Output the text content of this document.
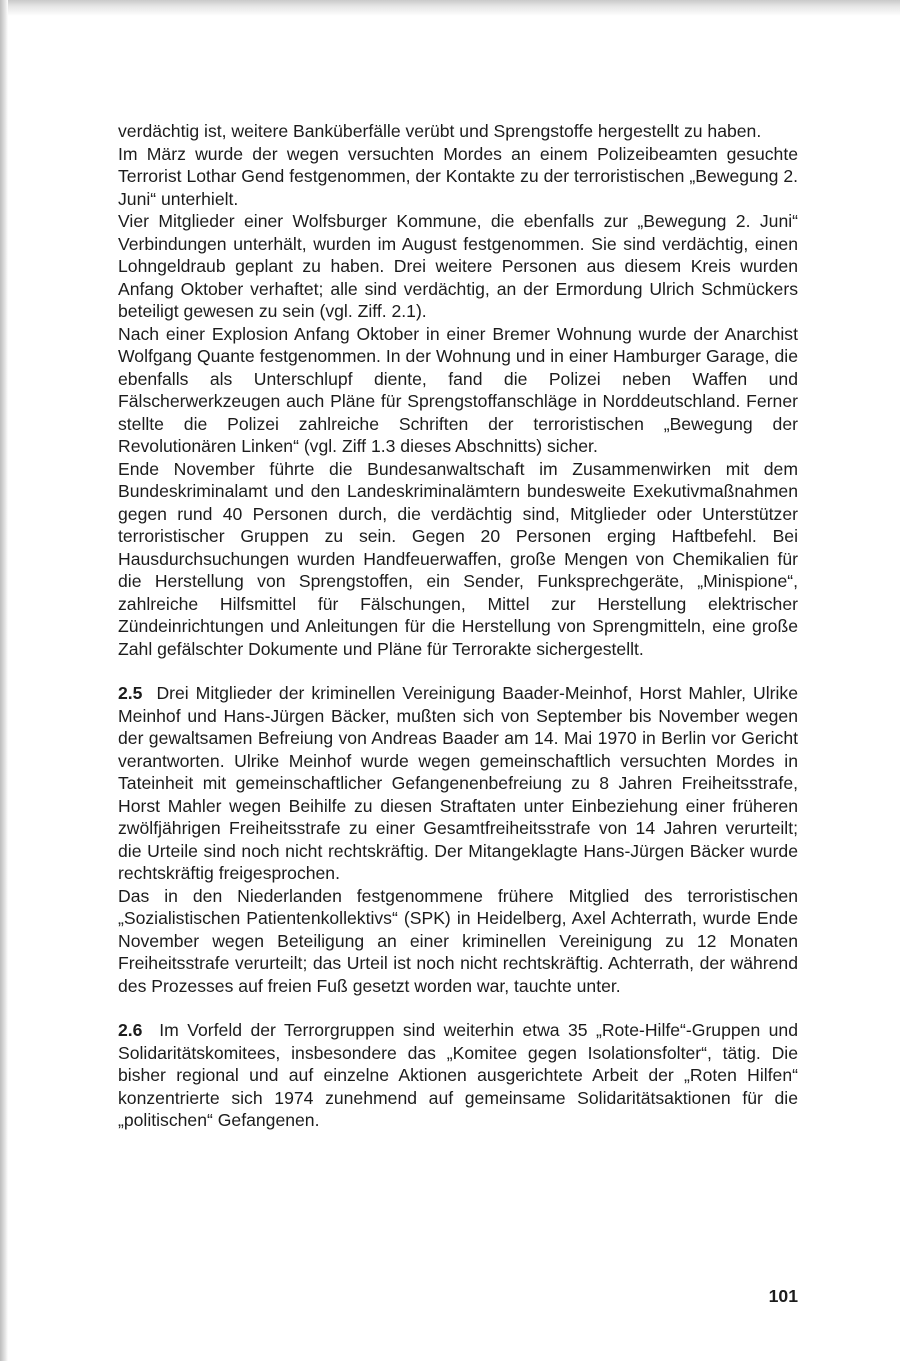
verdächtig ist, weitere Banküberfälle verübt und Sprengstoffe hergestellt zu haben.

Im März wurde der wegen versuchten Mordes an einem Polizeibeamten gesuchte Terrorist Lothar Gend festgenommen, der Kontakte zu der terroristischen „Bewegung 2. Juni“ unterhielt.

Vier Mitglieder einer Wolfsburger Kommune, die ebenfalls zur „Bewegung 2. Juni“ Verbindungen unterhält, wurden im August festgenommen. Sie sind verdächtig, einen Lohngeldraub geplant zu haben. Drei weitere Personen aus diesem Kreis wurden Anfang Oktober verhaftet; alle sind verdächtig, an der Ermordung Ulrich Schmückers beteiligt gewesen zu sein (vgl. Ziff. 2.1).

Nach einer Explosion Anfang Oktober in einer Bremer Wohnung wurde der Anarchist Wolfgang Quante festgenommen. In der Wohnung und in einer Hamburger Garage, die ebenfalls als Unterschlupf diente, fand die Polizei neben Waffen und Fälscherwerkzeugen auch Pläne für Sprengstoffanschläge in Norddeutschland. Ferner stellte die Polizei zahlreiche Schriften der terroristischen „Bewegung der Revolutionären Linken“ (vgl. Ziff 1.3 dieses Abschnitts) sicher.

Ende November führte die Bundesanwaltschaft im Zusammenwirken mit dem Bundeskriminalamt und den Landeskriminalämtern bundesweite Exekutivmaßnahmen gegen rund 40 Personen durch, die verdächtig sind, Mitglieder oder Unterstützer terroristischer Gruppen zu sein. Gegen 20 Personen erging Haftbefehl. Bei Hausdurchsuchungen wurden Handfeuerwaffen, große Mengen von Chemikalien für die Herstellung von Sprengstoffen, ein Sender, Funksprechgeräte, „Minispione“, zahlreiche Hilfsmittel für Fälschungen, Mittel zur Herstellung elektrischer Zündeinrichtungen und Anleitungen für die Herstellung von Sprengmitteln, eine große Zahl gefälschter Dokumente und Pläne für Terrorakte sichergestellt.

2.5 Drei Mitglieder der kriminellen Vereinigung Baader-Meinhof, Horst Mahler, Ulrike Meinhof und Hans-Jürgen Bäcker, mußten sich von September bis November wegen der gewaltsamen Befreiung von Andreas Baader am 14. Mai 1970 in Berlin vor Gericht verantworten. Ulrike Meinhof wurde wegen gemeinschaftlich versuchten Mordes in Tateinheit mit gemeinschaftlicher Gefangenenbefreiung zu 8 Jahren Freiheitsstrafe, Horst Mahler wegen Beihilfe zu diesen Straftaten unter Einbeziehung einer früheren zwölfjährigen Freiheitsstrafe zu einer Gesamtfreiheitsstrafe von 14 Jahren verurteilt; die Urteile sind noch nicht rechtskräftig. Der Mitangeklagte Hans-Jürgen Bäcker wurde rechtskräftig freigesprochen.

Das in den Niederlanden festgenommene frühere Mitglied des terroristischen „Sozialistischen Patientenkollektivs“ (SPK) in Heidelberg, Axel Achterrath, wurde Ende November wegen Beteiligung an einer kriminellen Vereinigung zu 12 Monaten Freiheitsstrafe verurteilt; das Urteil ist noch nicht rechtskräftig. Achterrath, der während des Prozesses auf freien Fuß gesetzt worden war, tauchte unter.

2.6 Im Vorfeld der Terrorgruppen sind weiterhin etwa 35 „Rote-Hilfe“-Gruppen und Solidaritätskomitees, insbesondere das „Komitee gegen Isolationsfolter“, tätig. Die bisher regional und auf einzelne Aktionen ausgerichtete Arbeit der „Roten Hilfen“ konzentrierte sich 1974 zunehmend auf gemeinsame Solidaritätsaktionen für die „politischen“ Gefangenen.

101
